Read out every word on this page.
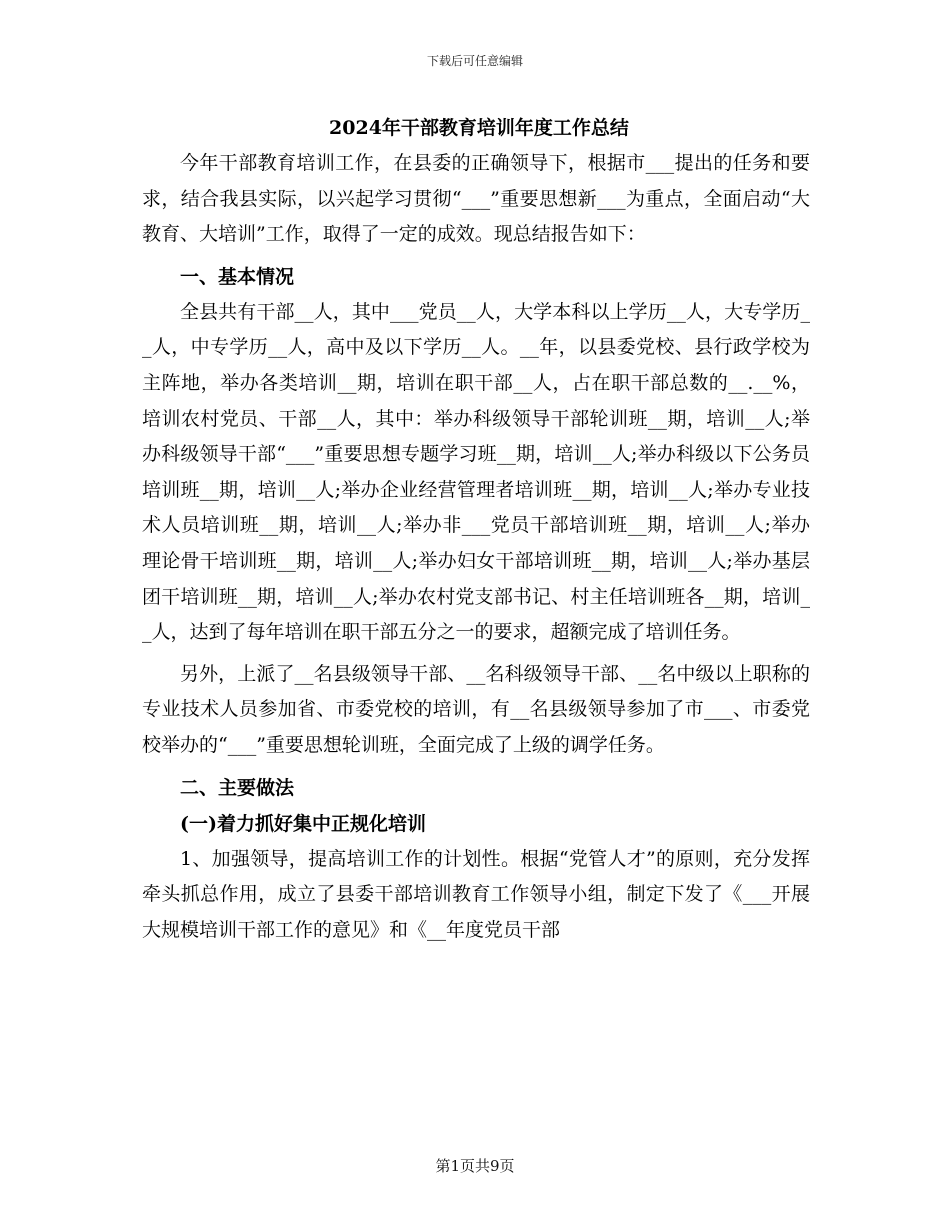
下载后可任意编辑
2024年干部教育培训年度工作总结

今年干部教育培训工作，在县委的正确领导下，根据市___提出的任务和要求，结合我县实际，以兴起学习贯彻“___”重要思想新___为重点，全面启动“大教育、大培训”工作，取得了一定的成效。现总结报告如下：

一、基本情况

全县共有干部__人，其中___党员__人，大学本科以上学历__人，大专学历__人，中专学历__人，高中及以下学历__人。__年，以县委党校、县行政学校为主阵地，举办各类培训__期，培训在职干部__人，占在职干部总数的__.__%，培训农村党员、干部__人，其中：举办科级领导干部轮训班__期，培训__人;举办科级领导干部“___”重要思想专题学习班__期，培训__人;举办科级以下公务员培训班__期，培训__人;举办企业经营管理者培训班__期，培训__人;举办专业技术人员培训班__期，培训__人;举办非___党员干部培训班__期，培训__人;举办理论骨干培训班__期，培训__人;举办妇女干部培训班__期，培训__人;举办基层团干培训班__期，培训__人;举办农村党支部书记、村主任培训班各__期，培训__人，达到了每年培训在职干部五分之一的要求，超额完成了培训任务。

另外，上派了__名县级领导干部、__名科级领导干部、__名中级以上职称的专业技术人员参加省、市委党校的培训，有__名县级领导参加了市___、市委党校举办的“___”重要思想轮训班，全面完成了上级的调学任务。

二、主要做法
(一)着力抓好集中正规化培训

1、加强领导，提高培训工作的计划性。根据“党管人才”的原则，充分发挥牵头抓总作用，成立了县委干部培训教育工作领导小组，制定下发了《___开展大规模培训干部工作的意见》和《__年度党员干部

第1页共9页
